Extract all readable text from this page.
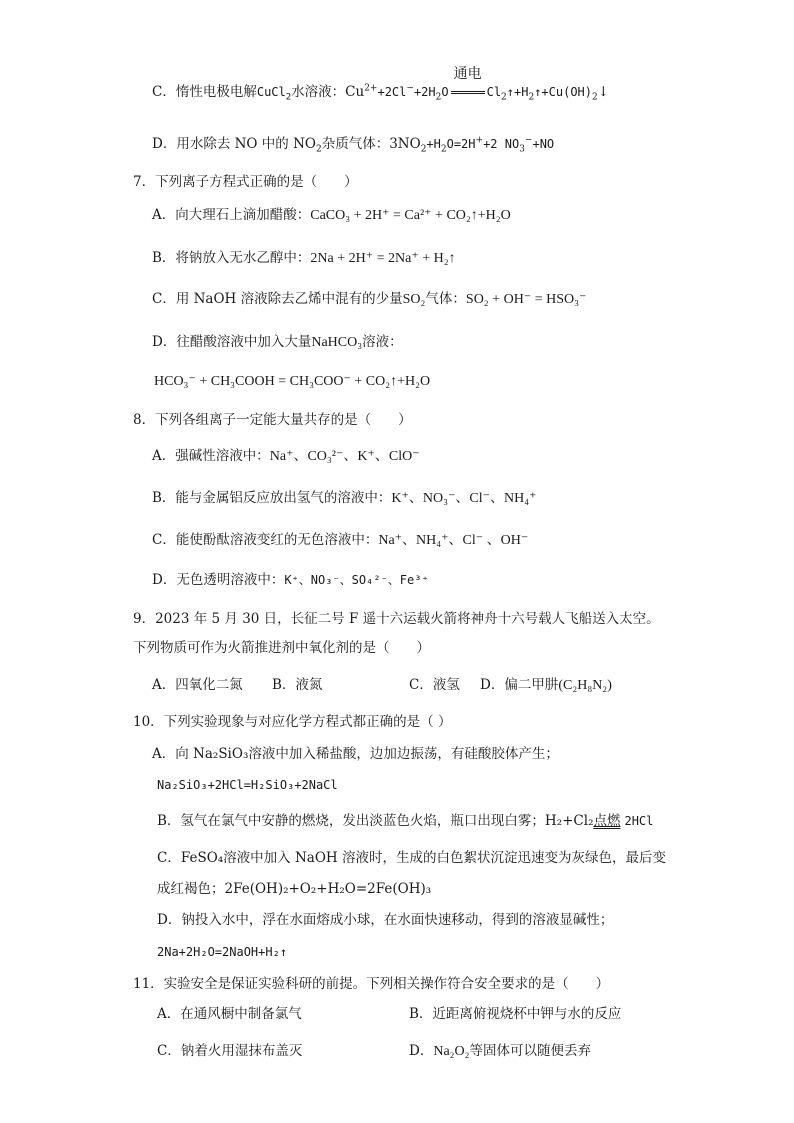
C．惰性电极电解CuCl$_2$水溶液：$Cu^{2+}+2Cl^-+2H_2O$
通电
$Cl_2↑+H_2↑+Cu(OH)_2↓$
D．用水除去 NO 中的 $NO_2$杂质气体：$3NO_2+H_2O=2H^++2$ $NO_3^-+NO$
7．下列离子方程式正确的是（　　）
A．向大理石上滴加醋酸：CaCO₃ + 2H⁺ = Ca²⁺ + CO₂↑+H₂O
B．将钠放入无水乙醇中：2Na + 2H⁺ = 2Na⁺ + H₂↑
C．用 NaOH 溶液除去乙烯中混有的少量SO₂气体：SO₂ + OH⁻ = HSO₃⁻
D．往醋酸溶液中加入大量NaHCO₃溶液：
HCO₃⁻ + CH₃COOH = CH₃COO⁻ + CO₂↑+H₂O
8．下列各组离子一定能大量共存的是（　　）
A．强碱性溶液中：Na⁺、CO₃²⁻、K⁺、ClO⁻
B．能与金属铝反应放出氢气的溶液中：K⁺、NO₃⁻、Cl⁻、NH₄⁺
C．能使酚酞溶液变红的无色溶液中：Na⁺、NH₄⁺、Cl⁻ 、OH⁻
D．无色透明溶液中：K⁺、NO₃⁻、SO₄²⁻、Fe³⁺
9．2023 年 5 月 30 日，长征二号 F 遥十六运载火箭将神舟十六号载人飞船送入太空。
下列物质可作为火箭推进剂中氧化剂的是（　　）
A．四氧化二氮 B．液氮	C．液氢 D．偏二甲肼(C₂H₈N₂)
10．下列实验现象与对应化学方程式都正确的是（ ）
A．向 Na₂SiO₃溶液中加入稀盐酸，边加边振荡，有硅酸胶体产生；
Na₂SiO₃+2HCl=H₂SiO₃+2NaCl
B．氢气在氯气中安静的燃烧，发出淡蓝色火焰，瓶口出现白雾；H₂+Cl₂点燃 2HCl
C．FeSO₄溶液中加入 NaOH 溶液时，生成的白色絮状沉淀迅速变为灰绿色，最后变
成红褐色；2Fe(OH)₂+O₂+H₂O=2Fe(OH)₃
D．钠投入水中，浮在水面熔成小球，在水面快速移动，得到的溶液显碱性；
2Na+2H₂O=2NaOH+H₂↑
11．实验安全是保证实验科研的前提。下列相关操作符合安全要求的是（　　）
A．在通风橱中制备氯气	B．近距离俯视烧杯中钾与水的反应
C．钠着火用湿抹布盖灭	D．Na₂O₂等固体可以随便丢弃
